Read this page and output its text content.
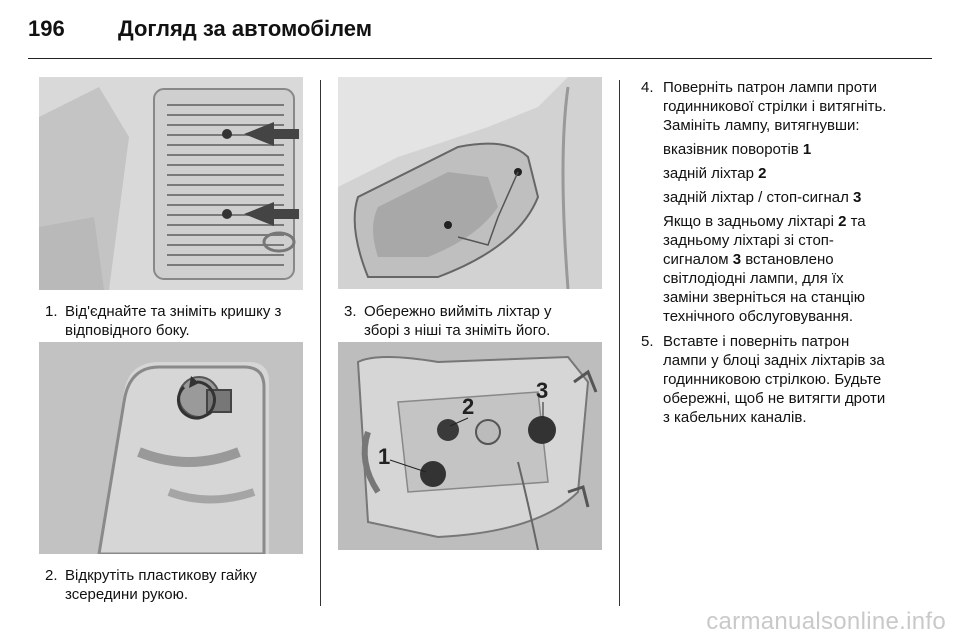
196	Догляд за автомобілем
1. Від'єднайте та зніміть кришку з
відповідного боку.
2. Відкрутіть пластикову гайку
зсередини рукою.
3. Обережно вийміть ліхтар у
зборі з ніші та зніміть його.
1
2
3
4. Поверніть патрон лампи проти
годинникової стрілки і витягніть.
Замініть лампу, витягнувши:

вказівник поворотів 1

задній ліхтар 2

задній ліхтар / стоп-сигнал 3

Якщо в задньому ліхтарі 2 та
задньому ліхтарі зі стоп-
сигналом 3 встановлено
світлодіодні лампи, для їх
заміни зверніться на станцію
технічного обслуговування.
5. Вставте і поверніть патрон
лампи у блоці задніх ліхтарів за
годинниковою стрілкою. Будьте
обережні, щоб не витягти дроти
з кабельних каналів.
carmanualsonline.info
